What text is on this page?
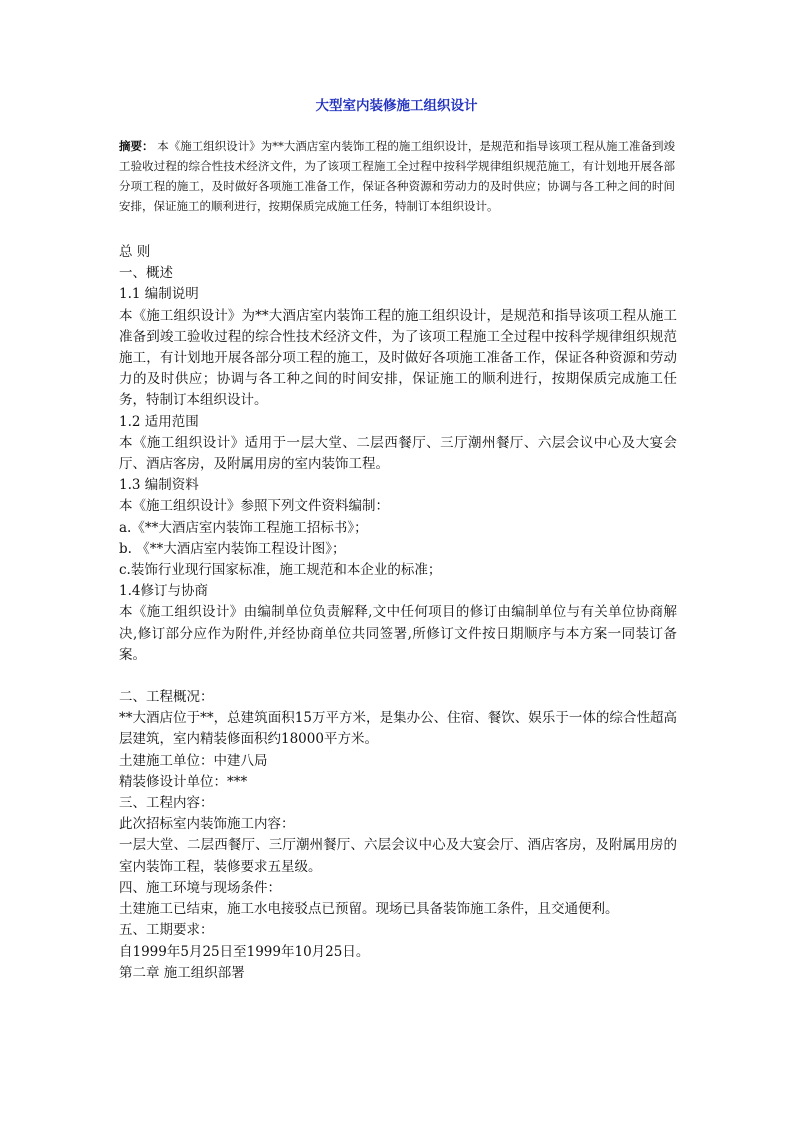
大型室内装修施工组织设计
摘要： 本《施工组织设计》为**大酒店室内装饰工程的施工组织设计，是规范和指导该项工程从施工准备到竣工验收过程的综合性技术经济文件，为了该项工程施工全过程中按科学规律组织规范施工，有计划地开展各部分项工程的施工，及时做好各项施工准备工作，保证各种资源和劳动力的及时供应；协调与各工种之间的时间安排，保证施工的顺利进行，按期保质完成施工任务，特制订本组织设计。

总 则

一、概述

1.1 编制说明

本《施工组织设计》为**大酒店室内装饰工程的施工组织设计，是规范和指导该项工程从施工准备到竣工验收过程的综合性技术经济文件，为了该项工程施工全过程中按科学规律组织规范施工，有计划地开展各部分项工程的施工，及时做好各项施工准备工作，保证各种资源和劳动力的及时供应；协调与各工种之间的时间安排，保证施工的顺利进行，按期保质完成施工任务，特制订本组织设计。

1.2 适用范围

本《施工组织设计》适用于一层大堂、二层西餐厅、三厅潮州餐厅、六层会议中心及大宴会厅、酒店客房，及附属用房的室内装饰工程。

1.3 编制资料

本《施工组织设计》参照下列文件资料编制：

a.《**大酒店室内装饰工程施工招标书》；

b. 《**大酒店室内装饰工程设计图》；

c.装饰行业现行国家标准，施工规范和本企业的标准；

1.4修订与协商

本《施工组织设计》由编制单位负责解释,文中任何项目的修订由编制单位与有关单位协商解决,修订部分应作为附件,并经协商单位共同签署,所修订文件按日期顺序与本方案一同装订备案。

二、工程概况：

**大酒店位于**，总建筑面积15万平方米，是集办公、住宿、餐饮、娱乐于一体的综合性超高层建筑，室内精装修面积约18000平方米。

土建施工单位：中建八局

精装修设计单位：***

三、工程内容：

此次招标室内装饰施工内容：

一层大堂、二层西餐厅、三厅潮州餐厅、六层会议中心及大宴会厅、酒店客房，及附属用房的室内装饰工程，装修要求五星级。

四、施工环境与现场条件：

土建施工已结束，施工水电接驳点已预留。现场已具备装饰施工条件，且交通便利。

五、工期要求：

自1999年5月25日至1999年10月25日。

第二章 施工组织部署
